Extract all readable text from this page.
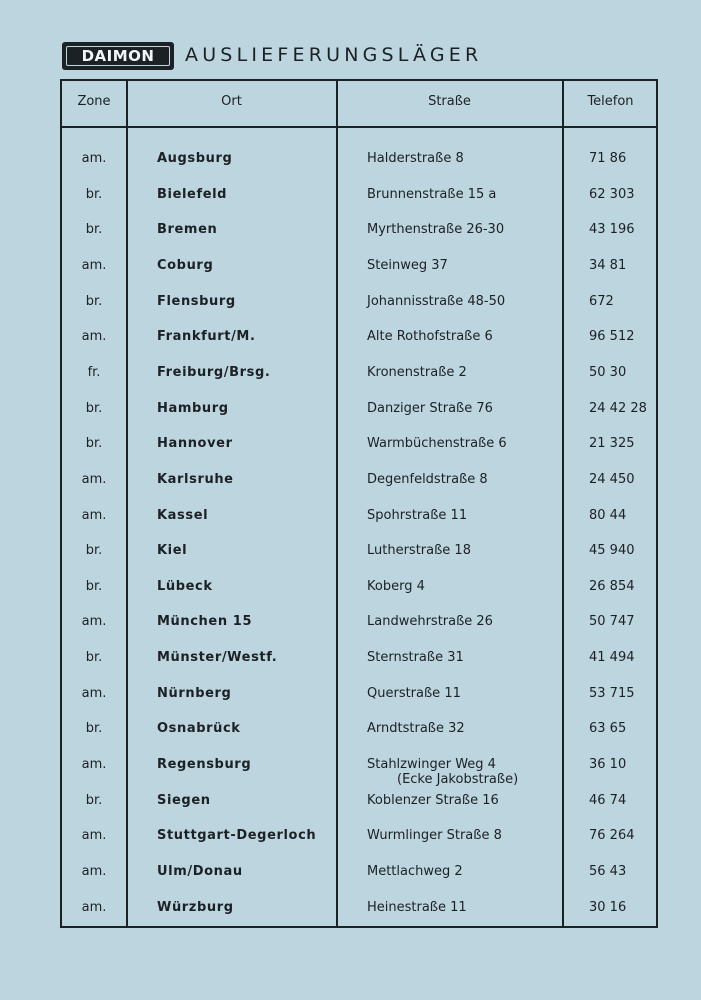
DAIMON AUSLIEFERUNGSLÄGER
Zone	Ort	Straße	Telefon
am.	Augsburg	Halderstraße 8	71 86
br.	Bielefeld	Brunnenstraße 15 a	62 303
br.	Bremen	Myrthenstraße 26-30	43 196
am.	Coburg	Steinweg 37	34 81
br.	Flensburg	Johannisstraße 48-50	672
am.	Frankfurt/M.	Alte Rothofstraße 6	96 512
fr.	Freiburg/Brsg.	Kronenstraße 2	50 30
br.	Hamburg	Danziger Straße 76	24 42 28
br.	Hannover	Warmbüchenstraße 6	21 325
am.	Karlsruhe	Degenfeldstraße 8	24 450
am.	Kassel	Spohrstraße 11	80 44
br.	Kiel	Lutherstraße 18	45 940
br.	Lübeck	Koberg 4	26 854
am.	München 15	Landwehrstraße 26	50 747
br.	Münster/Westf.	Sternstraße 31	41 494
am.	Nürnberg	Querstraße 11	53 715
br.	Osnabrück	Arndtstraße 32	63 65
am.	Regensburg	Stahlzwinger Weg 4	36 10
(Ecke Jakobstraße)
br.	Siegen	Koblenzer Straße 16	46 74
am.	Stuttgart-Degerloch	Wurmlinger Straße 8	76 264
am.	Ulm/Donau	Mettlachweg 2	56 43
am.	Würzburg	Heinestraße 11	30 16
